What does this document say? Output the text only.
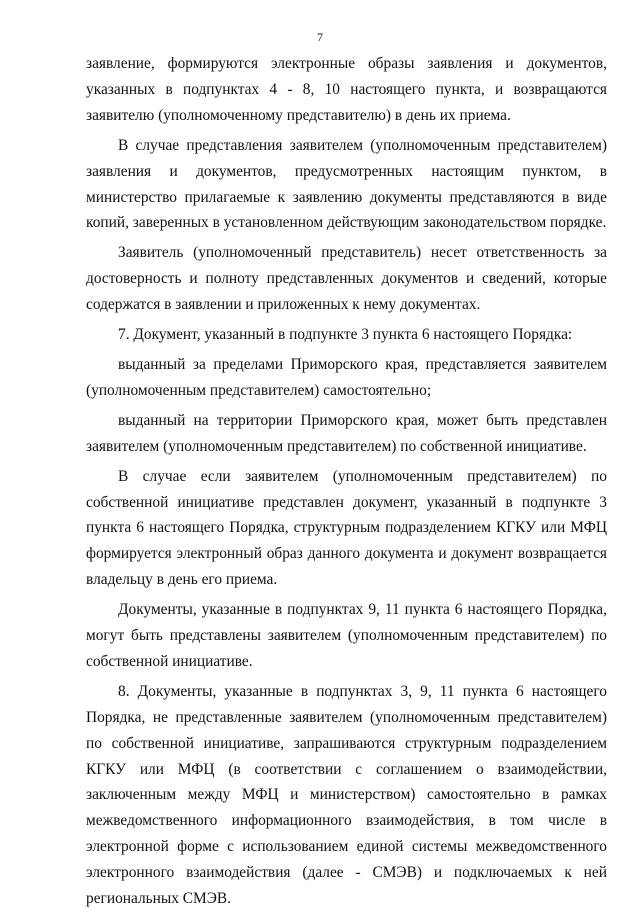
7

заявление, формируются электронные образы заявления и документов, указанных в подпунктах 4 - 8, 10 настоящего пункта, и возвращаются заявителю (уполномоченному представителю) в день их приема.

В случае представления заявителем (уполномоченным представителем) заявления и документов, предусмотренных настоящим пунктом, в министерство прилагаемые к заявлению документы представляются в виде копий, заверенных в установленном действующим законодательством порядке.

Заявитель (уполномоченный представитель) несет ответственность за достоверность и полноту представленных документов и сведений, которые содержатся в заявлении и приложенных к нему документах.

7. Документ, указанный в подпункте 3 пункта 6 настоящего Порядка:

выданный за пределами Приморского края, представляется заявителем (уполномоченным представителем) самостоятельно;

выданный на территории Приморского края, может быть представлен заявителем (уполномоченным представителем) по собственной инициативе.

В случае если заявителем (уполномоченным представителем) по собственной инициативе представлен документ, указанный в подпункте 3 пункта 6 настоящего Порядка, структурным подразделением КГКУ или МФЦ формируется электронный образ данного документа и документ возвращается владельцу в день его приема.

Документы, указанные в подпунктах 9, 11 пункта 6 настоящего Порядка, могут быть представлены заявителем (уполномоченным представителем) по собственной инициативе.

8. Документы, указанные в подпунктах 3, 9, 11 пункта 6 настоящего Порядка, не представленные заявителем (уполномоченным представителем) по собственной инициативе, запрашиваются структурным подразделением КГКУ или МФЦ (в соответствии с соглашением о взаимодействии, заключенным между МФЦ и министерством) самостоятельно в рамках межведомственного информационного взаимодействия, в том числе в электронной форме с использованием единой системы межведомственного электронного взаимодействия (далее - СМЭВ) и подключаемых к ней региональных СМЭВ.
